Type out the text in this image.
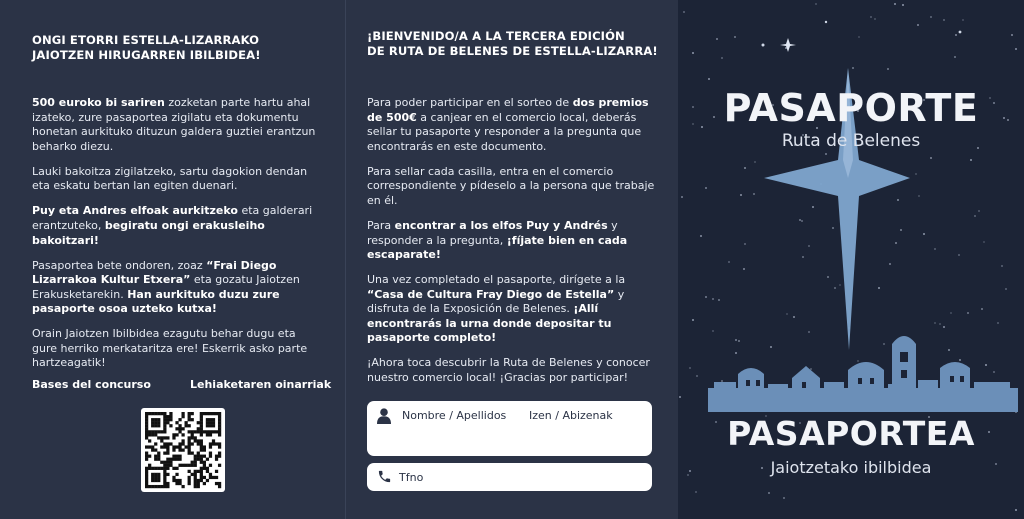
ONGI ETORRI ESTELLA-LIZARRAKO
JAIOTZEN HIRUGARREN IBILBIDEA!

500 euroko bi sariren zozketan parte hartu ahal izateko, zure pasaportea zigilatu eta dokumentu honetan aurkituko dituzun galdera guztiei erantzun beharko diezu.

Lauki bakoitza zigilatzeko, sartu dagokion dendan eta eskatu bertan lan egiten duenari.

Puy eta Andres elfoak aurkitzeko eta galderari erantzuteko, begiratu ongi erakusleiho bakoitzari!

Pasaportea bete ondoren, zoaz “Frai Diego Lizarrakoa Kultur Etxera” eta gozatu Jaiotzen Erakusketarekin. Han aurkituko duzu zure pasaporte osoa uzteko kutxa!

Orain Jaiotzen Ibilbidea ezagutu behar dugu eta gure herriko merkataritza ere! Eskerrik asko parte hartzeagatik!

Bases del concurso	Lehiaketaren oinarriak
¡BIENVENIDO/A A LA TERCERA EDICIÓN
DE RUTA DE BELENES DE ESTELLA-LIZARRA!

Para poder participar en el sorteo de dos premios de 500€ a canjear en el comercio local, deberás sellar tu pasaporte y responder a la pregunta que encontrarás en este documento.

Para sellar cada casilla, entra en el comercio correspondiente y pídeselo a la persona que trabaje en él.

Para encontrar a los elfos Puy y Andrés y responder a la pregunta, ¡fíjate bien en cada escaparate!

Una vez completado el pasaporte, dirígete a la “Casa de Cultura Fray Diego de Estella” y disfruta de la Exposición de Belenes. ¡Allí encontrarás la urna donde depositar tu pasaporte completo!

¡Ahora toca descubrir la Ruta de Belenes y conocer nuestro comercio local! ¡Gracias por participar!

Nombre / Apellidos Izen / Abizenak
Tfno
PASAPORTE
Ruta de Belenes
PASAPORTEA
Jaiotzetako ibilbidea
